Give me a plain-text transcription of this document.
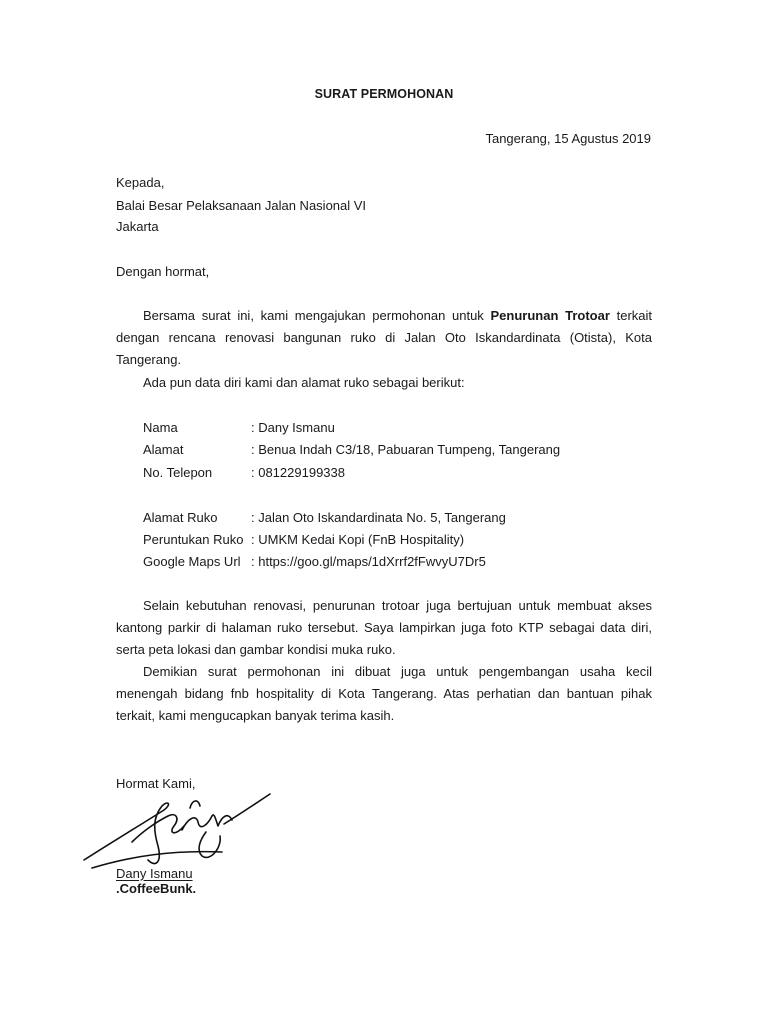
SURAT PERMOHONAN
Tangerang, 15 Agustus 2019
Kepada,
Balai Besar Pelaksanaan Jalan Nasional VI
Jakarta
Dengan hormat,

Bersama surat ini, kami mengajukan permohonan untuk Penurunan Trotoar terkait dengan rencana renovasi bangunan ruko di Jalan Oto Iskandardinata (Otista), Kota Tangerang.

Ada pun data diri kami dan alamat ruko sebagai berikut:
Nama	: Dany Ismanu
Alamat	: Benua Indah C3/18, Pabuaran Tumpeng, Tangerang
No. Telepon	: 081229199338
Alamat Ruko	: Jalan Oto Iskandardinata No. 5, Tangerang
Peruntukan Ruko : UMKM Kedai Kopi (FnB Hospitality)
Google Maps Url : https://goo.gl/maps/1dXrrf2fFwvyU7Dr5

Selain kebutuhan renovasi, penurunan trotoar juga bertujuan untuk membuat akses kantong parkir di halaman ruko tersebut. Saya lampirkan juga foto KTP sebagai data diri, serta peta lokasi dan gambar kondisi muka ruko.

Demikian surat permohonan ini dibuat juga untuk pengembangan usaha kecil menengah bidang fnb hospitality di Kota Tangerang. Atas perhatian dan bantuan pihak terkait, kami mengucapkan banyak terima kasih.

Hormat Kami,
Dany Ismanu
.CoffeeBunk.
